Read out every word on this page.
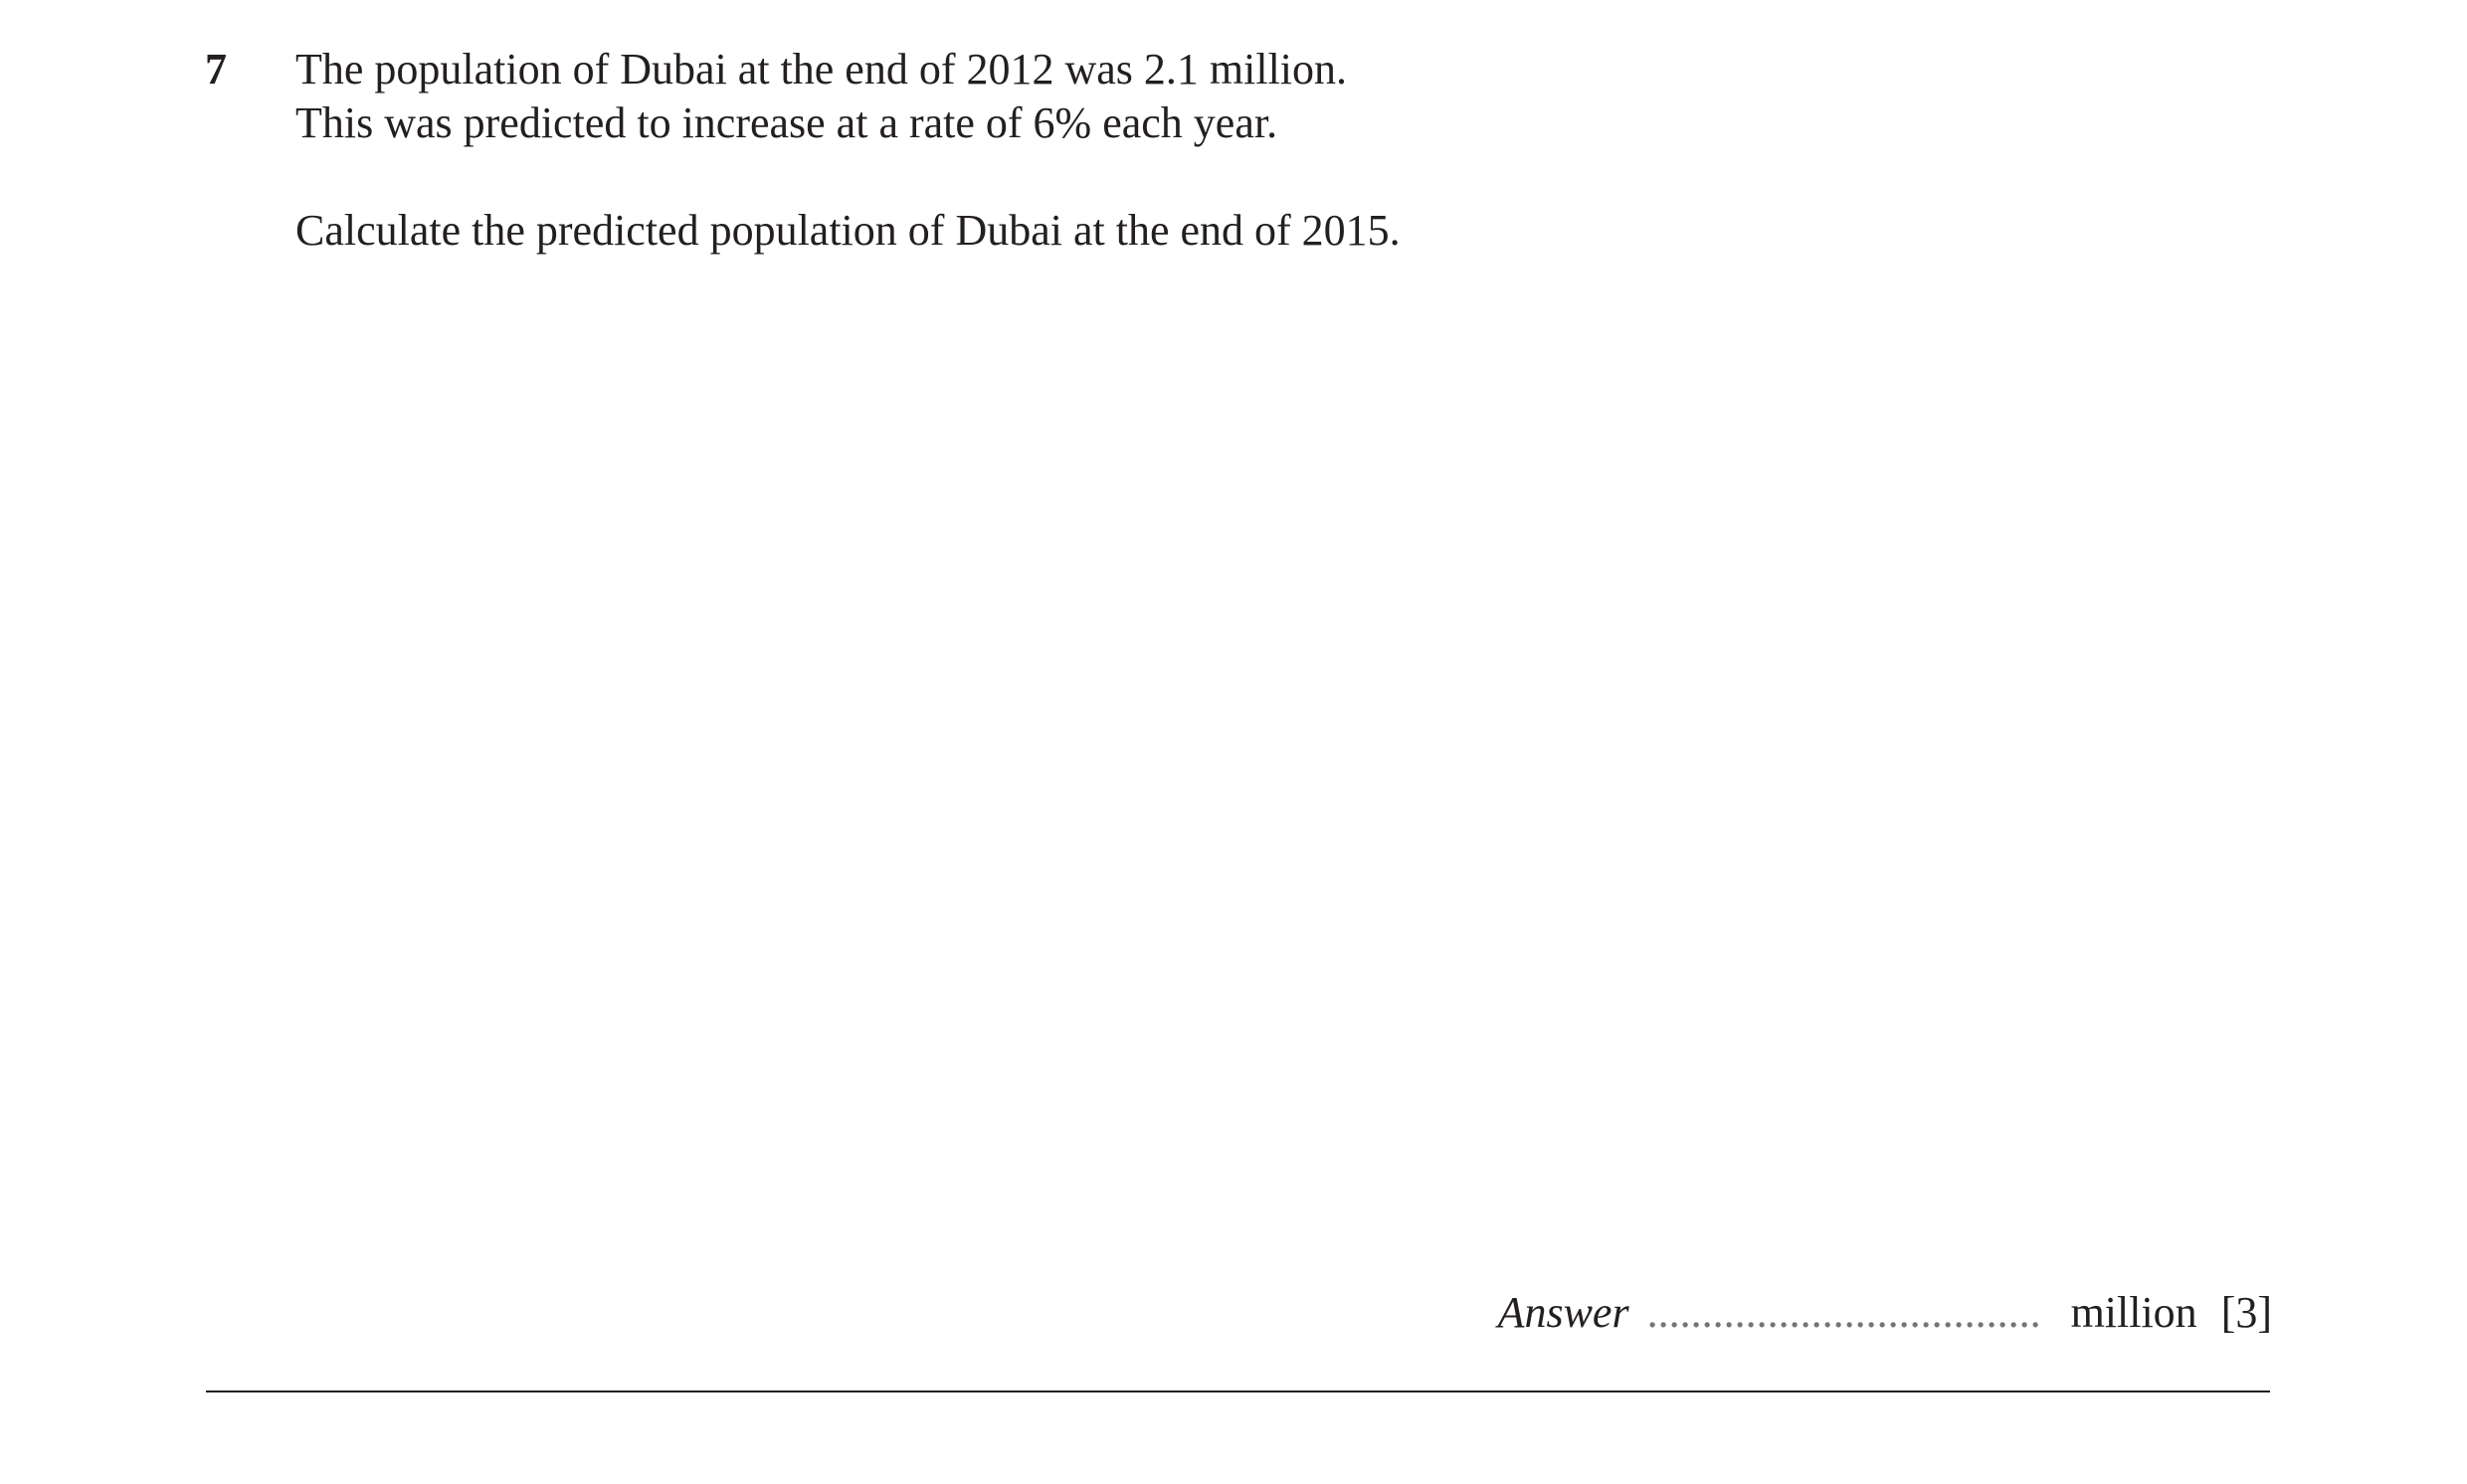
7 The population of Dubai at the end of 2012 was 2.1 million.
This was predicted to increase at a rate of 6% each year.
Calculate the predicted population of Dubai at the end of 2015.
Answer
....................................	million [3]
